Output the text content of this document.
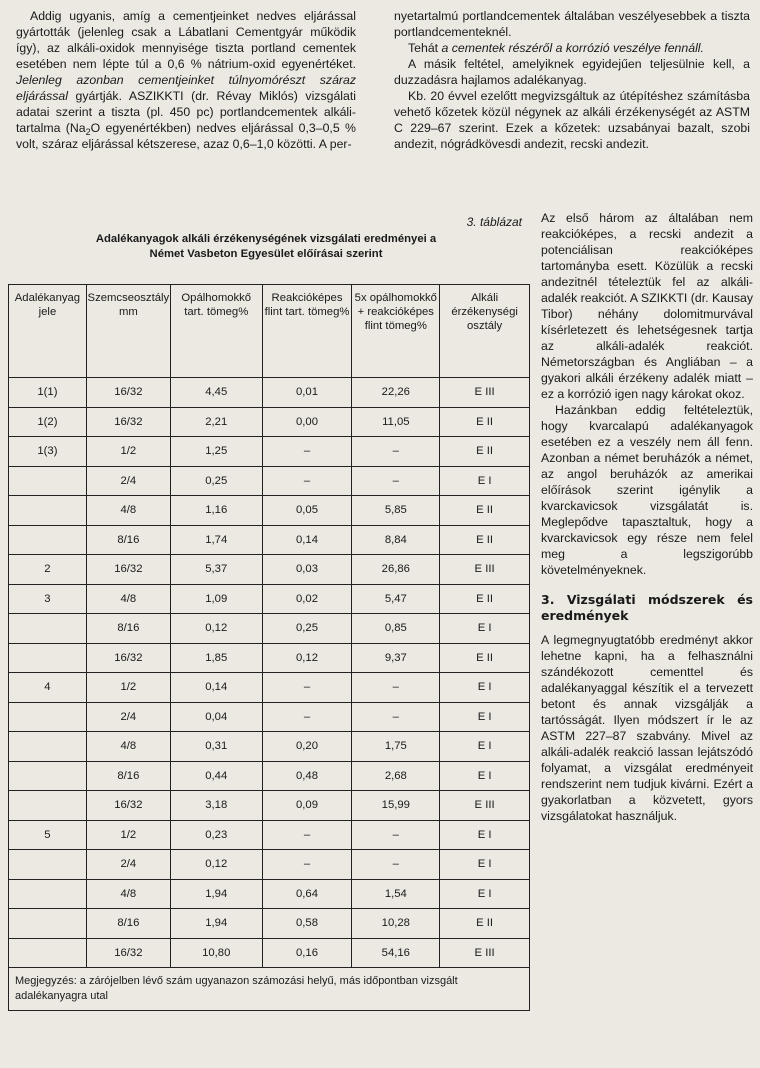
Addig ugyanis, amíg a cementjeinket nedves eljárással gyártották (jelenleg csak a Lábatlani Cementgyár működik így), az alkáli-oxidok mennyisége tiszta portland cementek esetében nem lépte túl a 0,6 % nátrium-oxid egyenértéket. Jelenleg azonban cementjeinket túlnyomórészt száraz eljárással gyártják. ASZIKKTI (dr. Révay Miklós) vizsgálati adatai szerint a tiszta (pl. 450 pc) portlandcementek alkáli-tartalma ($Na_2O$ egyenértékben) nedves eljárással 0,3–0,5 % volt, száraz eljárással kétszerese, azaz 0,6–1,0 közötti. A per-

nyetartalmú portlandcementek általában veszélyesebbek a tiszta portlandcementeknél.

Tehát a cementek részéről a korrózió veszélye fennáll.

A másik feltétel, amelyiknek egyidejűen teljesülnie kell, a duzzadásra hajlamos adalékanyag.

Kb. 20 évvel ezelőtt megvizsgáltuk az útépítéshez számításba vehető kőzetek közül négynek az alkáli érzékenységét az ASTM C 229–67 szerint. Ezek a kőzetek: uzsabányai bazalt, szobi andezit, nógrádkövesdi andezit, recski andezit.

Az első három az általában nem reakcióképes, a recski andezit a potenciálisan reakcióképes tartományba esett. Közülük a recski andezitnél tételeztük fel az alkáli-adalék reakciót. A SZIKKTI (dr. Kausay Tibor) néhány dolomitmurvával kísérletezett és lehetségesnek tartja az alkáli-adalék reakciót. Németországban és Angliában – a gyakori alkáli érzékeny adalék miatt – ez a korrózió igen nagy károkat okoz.

Hazánkban eddig feltételeztük, hogy kvarcalapú adalékanyagok esetében ez a veszély nem áll fenn. Azonban a német beruházók a német, az angol beruházók az amerikai előírások szerint igénylik a kvarckavicsok vizsgálatát is. Meglepődve tapasztaltuk, hogy a kvarckavicsok egy része nem felel meg a legszigorúbb követelményeknek.

3. Vizsgálati módszerek és eredmények

A legmegnyugtatóbb eredményt akkor lehetne kapni, ha a felhasználni szándékozott cementtel és adalékanyaggal készítik el a tervezett betont és annak vizsgálják a tartósságát. Ilyen módszert ír le az ASTM 227–87 szabvány. Mivel az alkáli-adalék reakció lassan lejátszódó folyamat, a vizsgálat eredményeit rendszerint nem tudjuk kivárni. Ezért a gyakorlatban a közvetett, gyors vizsgálatokat használjuk.

3. táblázat
Adalékanyagok alkáli érzékenységének vizsgálati eredményei a
Német Vasbeton Egyesület előírásai szerint
Adalékanyag jele	Szemcseosztály mm	Opálhomokkő tart. tömeg%	Reakcióképes flint tart. tömeg%	5x opálhomokkő + reakcióképes flint tömeg%	Alkáli érzékenységi osztály
1(1)	16/32	4,45	0,01	22,26	E III
1(2)	16/32	2,21	0,00	11,05	E II
1(3)	1/2	1,25	–	–	E II
	2/4	0,25	–	–	E I
	4/8	1,16	0,05	5,85	E II
	8/16	1,74	0,14	8,84	E II
2	16/32	5,37	0,03	26,86	E III
3	4/8	1,09	0,02	5,47	E II
	8/16	0,12	0,25	0,85	E I
	16/32	1,85	0,12	9,37	E II
4	1/2	0,14	–	–	E I
	2/4	0,04	–	–	E I
	4/8	0,31	0,20	1,75	E I
	8/16	0,44	0,48	2,68	E I
	16/32	3,18	0,09	15,99	E III
5	1/2	0,23	–	–	E I
	2/4	0,12	–	–	E I
	4/8	1,94	0,64	1,54	E I
	8/16	1,94	0,58	10,28	E II
	16/32	10,80	0,16	54,16	E III
Megjegyzés: a zárójelben lévő szám ugyanazon számozási helyű, más időpontban vizsgált adalékanyagra utal					
